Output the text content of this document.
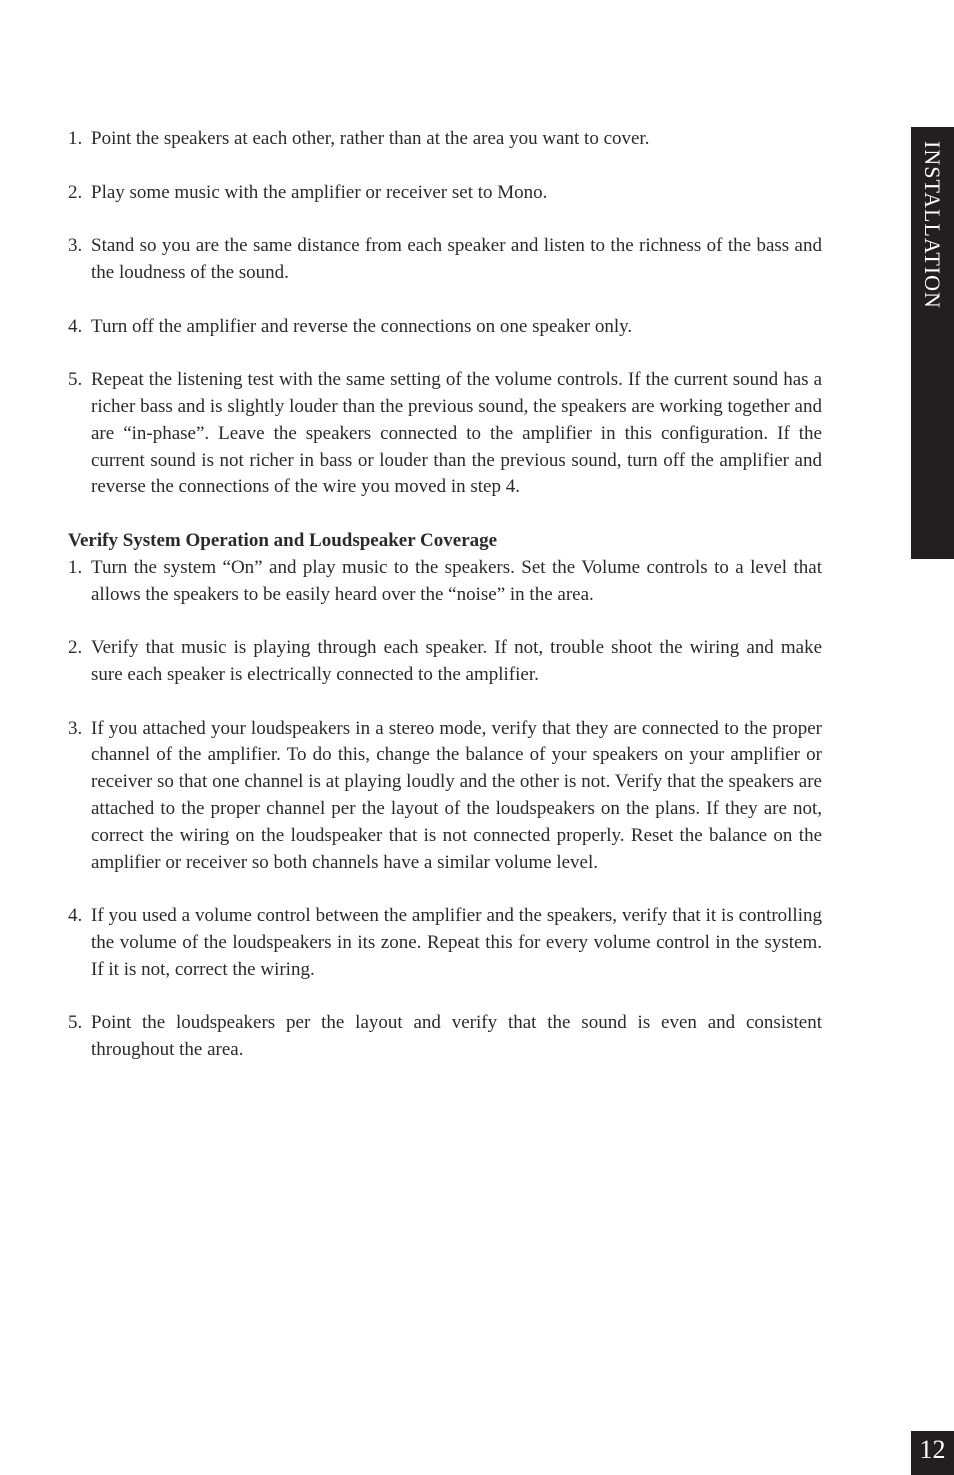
1. Point the speakers at each other, rather than at the area you want to cover.
2. Play some music with the amplifier or receiver set to Mono.
3. Stand so you are the same distance from each speaker and listen to the richness of the bass and the loudness of the sound.
4. Turn off the amplifier and reverse the connections on one speaker only.
5. Repeat the listening test with the same setting of the volume controls. If the current sound has a richer bass and is slightly louder than the previous sound, the speakers are working together and are “in-phase”. Leave the speakers connected to the amplifier in this configuration. If the current sound is not richer in bass or louder than the previous sound, turn off the amplifier and reverse the connections of the wire you moved in step 4.
Verify System Operation and Loudspeaker Coverage
1. Turn the system “On” and play music to the speakers. Set the Volume controls to a level that allows the speakers to be easily heard over the “noise” in the area.
2. Verify that music is playing through each speaker. If not, trouble shoot the wiring and make sure each speaker is electrically connected to the amplifier.
3. If you attached your loudspeakers in a stereo mode, verify that they are connected to the proper channel of the amplifier. To do this, change the balance of your speakers on your amplifier or receiver so that one channel is at playing loudly and the other is not. Verify that the speakers are attached to the proper channel per the layout of the loudspeakers on the plans. If they are not, correct the wiring on the loudspeaker that is not connected properly. Reset the balance on the amplifier or receiver so both channels have a similar volume level.
4. If you used a volume control between the amplifier and the speakers, verify that it is controlling the volume of the loudspeakers in its zone. Repeat this for every volume control in the system. If it is not, correct the wiring.
5. Point the loudspeakers per the layout and verify that the sound is even and consistent throughout the area.
INSTALLATION
12
